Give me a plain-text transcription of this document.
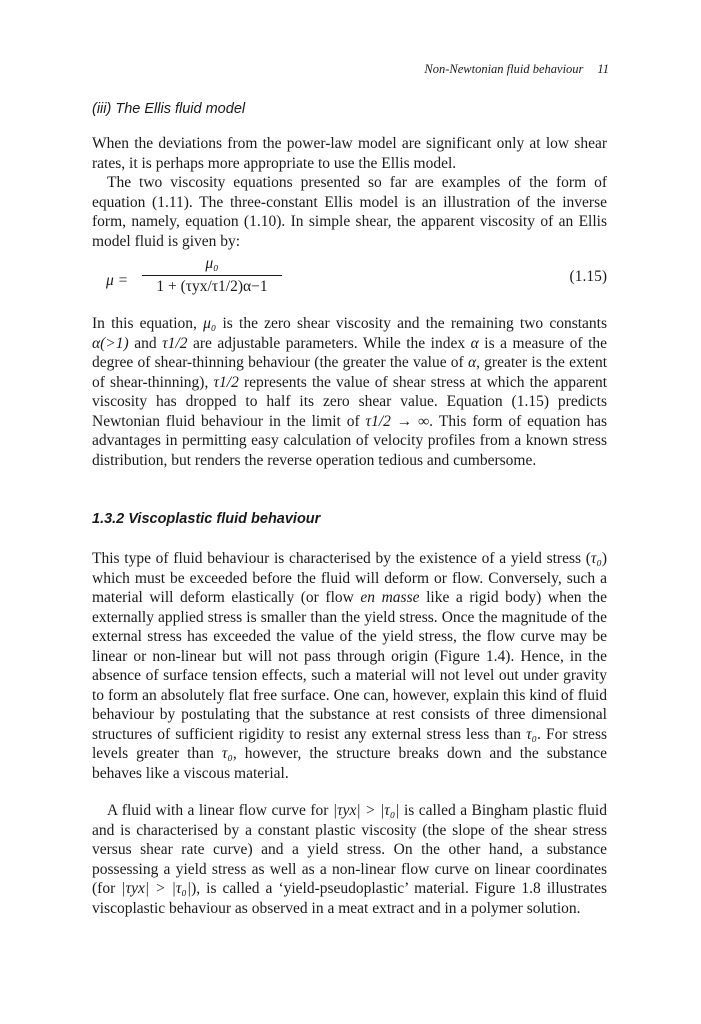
Non-Newtonian fluid behaviour 11
(iii) The Ellis fluid model

When the deviations from the power-law model are significant only at low shear rates, it is perhaps more appropriate to use the Ellis model.

The two viscosity equations presented so far are examples of the form of equation (1.11). The three-constant Ellis model is an illustration of the inverse form, namely, equation (1.10). In simple shear, the apparent viscosity of an Ellis model fluid is given by:

μ =
μ₀
1 + (τyx/τ1/2)α−1
(1.15)

In this equation, μ₀ is the zero shear viscosity and the remaining two constants α(>1) and τ1/2 are adjustable parameters. While the index α is a measure of the degree of shear-thinning behaviour (the greater the value of α, greater is the extent of shear-thinning), τ1/2 represents the value of shear stress at which the apparent viscosity has dropped to half its zero shear value. Equation (1.15) predicts Newtonian fluid behaviour in the limit of τ1/2 → ∞. This form of equation has advantages in permitting easy calculation of velocity profiles from a known stress distribution, but renders the reverse operation tedious and cumbersome.

1.3.2 Viscoplastic fluid behaviour

This type of fluid behaviour is characterised by the existence of a yield stress (τ₀) which must be exceeded before the fluid will deform or flow. Conversely, such a material will deform elastically (or flow en masse like a rigid body) when the externally applied stress is smaller than the yield stress. Once the magnitude of the external stress has exceeded the value of the yield stress, the flow curve may be linear or non-linear but will not pass through origin (Figure 1.4). Hence, in the absence of surface tension effects, such a material will not level out under gravity to form an absolutely flat free surface. One can, however, explain this kind of fluid behaviour by postulating that the substance at rest consists of three dimensional structures of sufficient rigidity to resist any external stress less than τ₀. For stress levels greater than τ₀, however, the structure breaks down and the substance behaves like a viscous material.

A fluid with a linear flow curve for |τyx| > |τ₀| is called a Bingham plastic fluid and is characterised by a constant plastic viscosity (the slope of the shear stress versus shear rate curve) and a yield stress. On the other hand, a substance possessing a yield stress as well as a non-linear flow curve on linear coordinates (for |τyx| > |τ₀|), is called a ‘yield-pseudoplastic’ material. Figure 1.8 illustrates viscoplastic behaviour as observed in a meat extract and in a polymer solution.
